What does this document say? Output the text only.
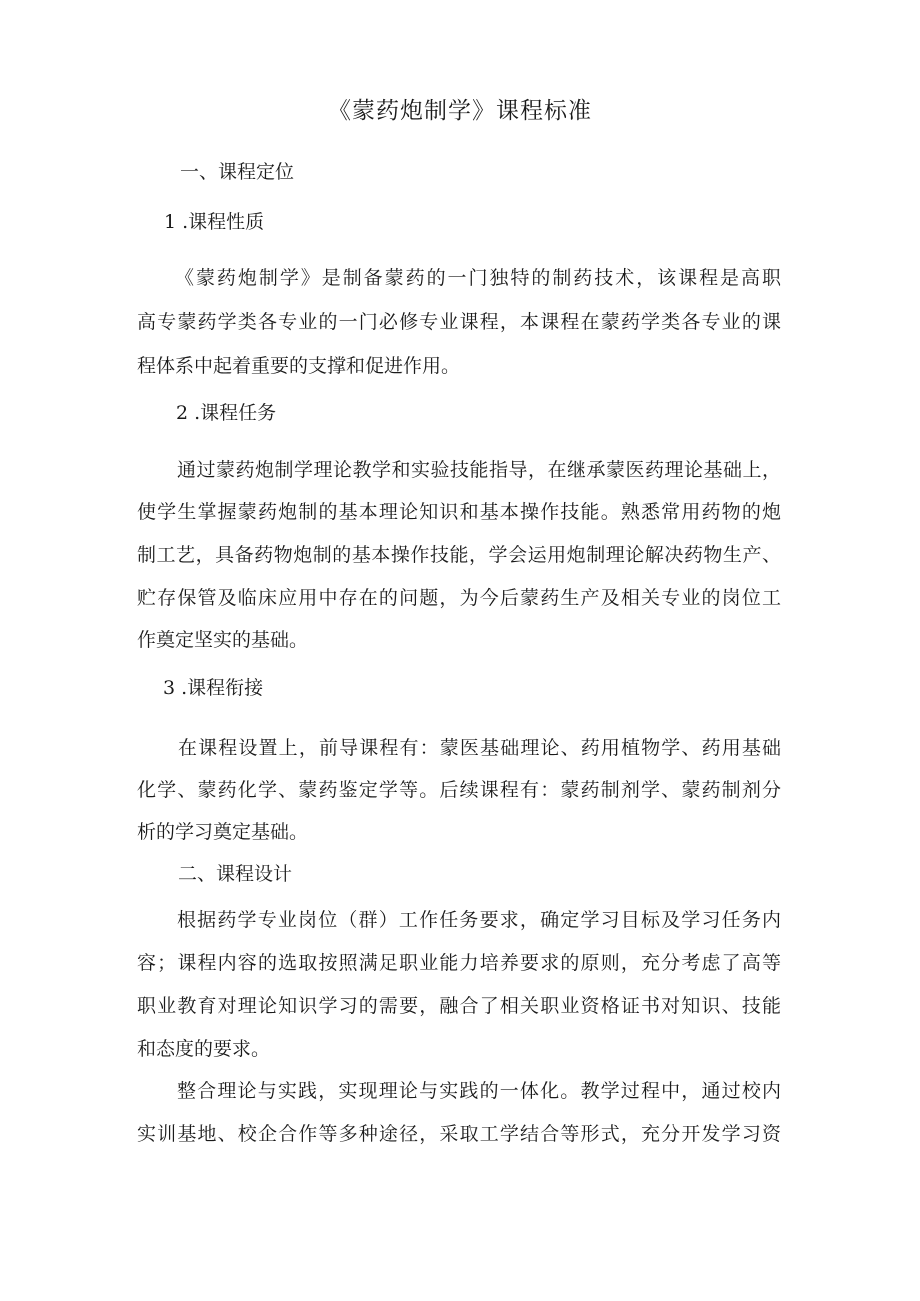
《蒙药炮制学》课程标准
一、课程定位
1 .课程性质
《蒙药炮制学》是制备蒙药的一门独特的制药技术，该课程是高职
高专蒙药学类各专业的一门必修专业课程，本课程在蒙药学类各专业的课
程体系中起着重要的支撑和促进作用。
2 .课程任务
通过蒙药炮制学理论教学和实验技能指导，在继承蒙医药理论基础上，
使学生掌握蒙药炮制的基本理论知识和基本操作技能。熟悉常用药物的炮
制工艺，具备药物炮制的基本操作技能，学会运用炮制理论解决药物生产、
贮存保管及临床应用中存在的问题，为今后蒙药生产及相关专业的岗位工
作奠定坚实的基础。
3 .课程衔接
在课程设置上，前导课程有：蒙医基础理论、药用植物学、药用基础
化学、蒙药化学、蒙药鉴定学等。后续课程有：蒙药制剂学、蒙药制剂分
析的学习奠定基础。
二、课程设计
根据药学专业岗位（群）工作任务要求，确定学习目标及学习任务内
容；课程内容的选取按照满足职业能力培养要求的原则，充分考虑了高等
职业教育对理论知识学习的需要，融合了相关职业资格证书对知识、技能
和态度的要求。
整合理论与实践，实现理论与实践的一体化。教学过程中，通过校内
实训基地、校企合作等多种途径，采取工学结合等形式，充分开发学习资
